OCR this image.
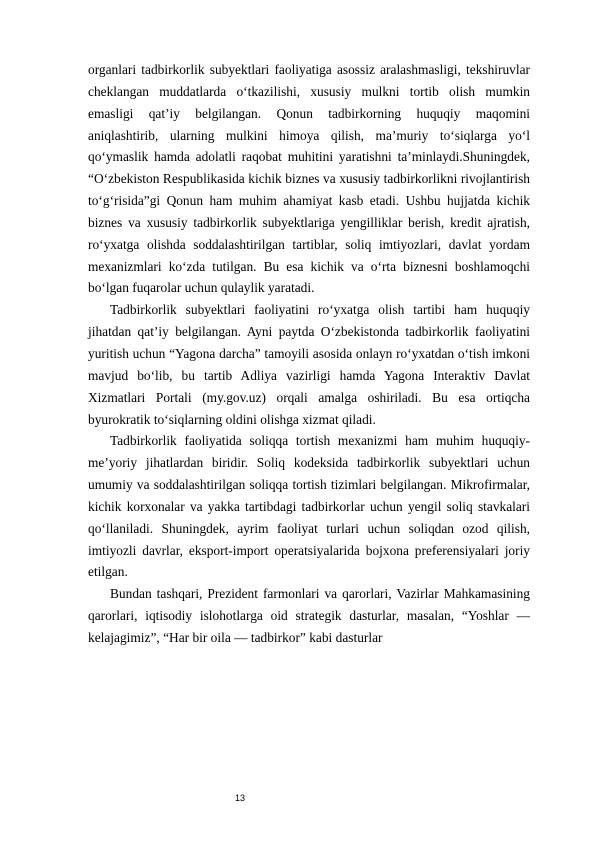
organlari tadbirkorlik subyektlari faoliyatiga asossiz aralashmasligi, tekshiruvlar cheklangan muddatlarda o‘tkazilishi, xususiy mulkni tortib olish mumkin emasligi qat’iy belgilangan. Qonun tadbirkorning huquqiy maqomini aniqlashtirib, ularning mulkini himoya qilish, ma’muriy to‘siqlarga yo‘l qo‘ymaslik hamda adolatli raqobat muhitini yaratishni ta’minlaydi.Shuningdek, “O‘zbekiston Respublikasida kichik biznes va xususiy tadbirkorlikni rivojlantirish to‘g‘risida”gi Qonun ham muhim ahamiyat kasb etadi. Ushbu hujjatda kichik biznes va xususiy tadbirkorlik subyektlariga yengilliklar berish, kredit ajratish, ro‘yxatga olishda soddalashtirilgan tartiblar, soliq imtiyozlari, davlat yordam mexanizmlari ko‘zda tutilgan. Bu esa kichik va o‘rta biznesni boshlamoqchi bo‘lgan fuqarolar uchun qulaylik yaratadi.

Tadbirkorlik subyektlari faoliyatini ro‘yxatga olish tartibi ham huquqiy jihatdan qat’iy belgilangan. Ayni paytda O‘zbekistonda tadbirkorlik faoliyatini yuritish uchun “Yagona darcha” tamoyili asosida onlayn ro‘yxatdan o‘tish imkoni mavjud bo‘lib, bu tartib Adliya vazirligi hamda Yagona Interaktiv Davlat Xizmatlari Portali (my.gov.uz) orqali amalga oshiriladi. Bu esa ortiqcha byurokratik to‘siqlarning oldini olishga xizmat qiladi.

Tadbirkorlik faoliyatida soliqqa tortish mexanizmi ham muhim huquqiy-me’yoriy jihatlardan biridir. Soliq kodeksida tadbirkorlik subyektlari uchun umumiy va soddalashtirilgan soliqqa tortish tizimlari belgilangan. Mikrofirmalar, kichik korxonalar va yakka tartibdagi tadbirkorlar uchun yengil soliq stavkalari qo‘llaniladi. Shuningdek, ayrim faoliyat turlari uchun soliqdan ozod qilish, imtiyozli davrlar, eksport-import operatsiyalarida bojxona preferensiyalari joriy etilgan.

Bundan tashqari, Prezident farmonlari va qarorlari, Vazirlar Mahkamasining qarorlari, iqtisodiy islohotlarga oid strategik dasturlar, masalan, “Yoshlar — kelajagimiz”, “Har bir oila — tadbirkor” kabi dasturlar

13
